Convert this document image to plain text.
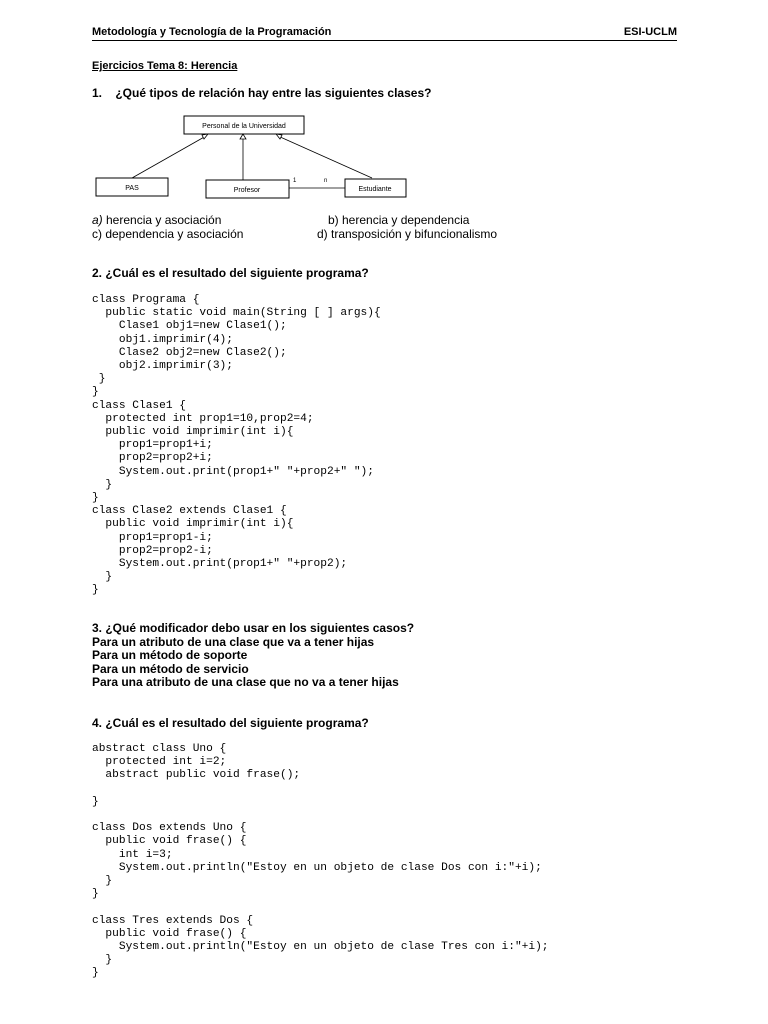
Metodología y Tecnología de la Programación	ESI-UCLM
Ejercicios Tema 8: Herencia
1.    ¿Qué tipos de relación hay entre las siguientes clases?
Personal de la Universidad
1	n
PAS	Profesor	Estudiante
a) herencia y asociación	b) herencia y dependencia
c) dependencia y asociación	d) transposición y bifuncionalismo
2. ¿Cuál es el resultado del siguiente programa?
class Programa {
public static void main(String [ ] args){
Clase1 obj1=new Clase1();
obj1.imprimir(4);
Clase2 obj2=new Clase2();
obj2.imprimir(3);
}
}
class Clase1 {
protected int prop1=10,prop2=4;
public void imprimir(int i){
prop1=prop1+i;
prop2=prop2+i;
System.out.print(prop1+" "+prop2+" ");
}
}
class Clase2 extends Clase1 {
public void imprimir(int i){
prop1=prop1-i;
prop2=prop2-i;
System.out.print(prop1+" "+prop2);
}
}
3. ¿Qué modificador debo usar en los siguientes casos?
Para un atributo de una clase que va a tener hijas
Para un método de soporte
Para un método de servicio
Para una atributo de una clase que no va a tener hijas
4. ¿Cuál es el resultado del siguiente programa?
abstract class Uno {
protected int i=2;
abstract public void frase();

}

class Dos extends Uno {
public void frase() {
int i=3;
System.out.println("Estoy en un objeto de clase Dos con i:"+i);
}
}

class Tres extends Dos {
public void frase() {
System.out.println("Estoy en un objeto de clase Tres con i:"+i);
}
}
